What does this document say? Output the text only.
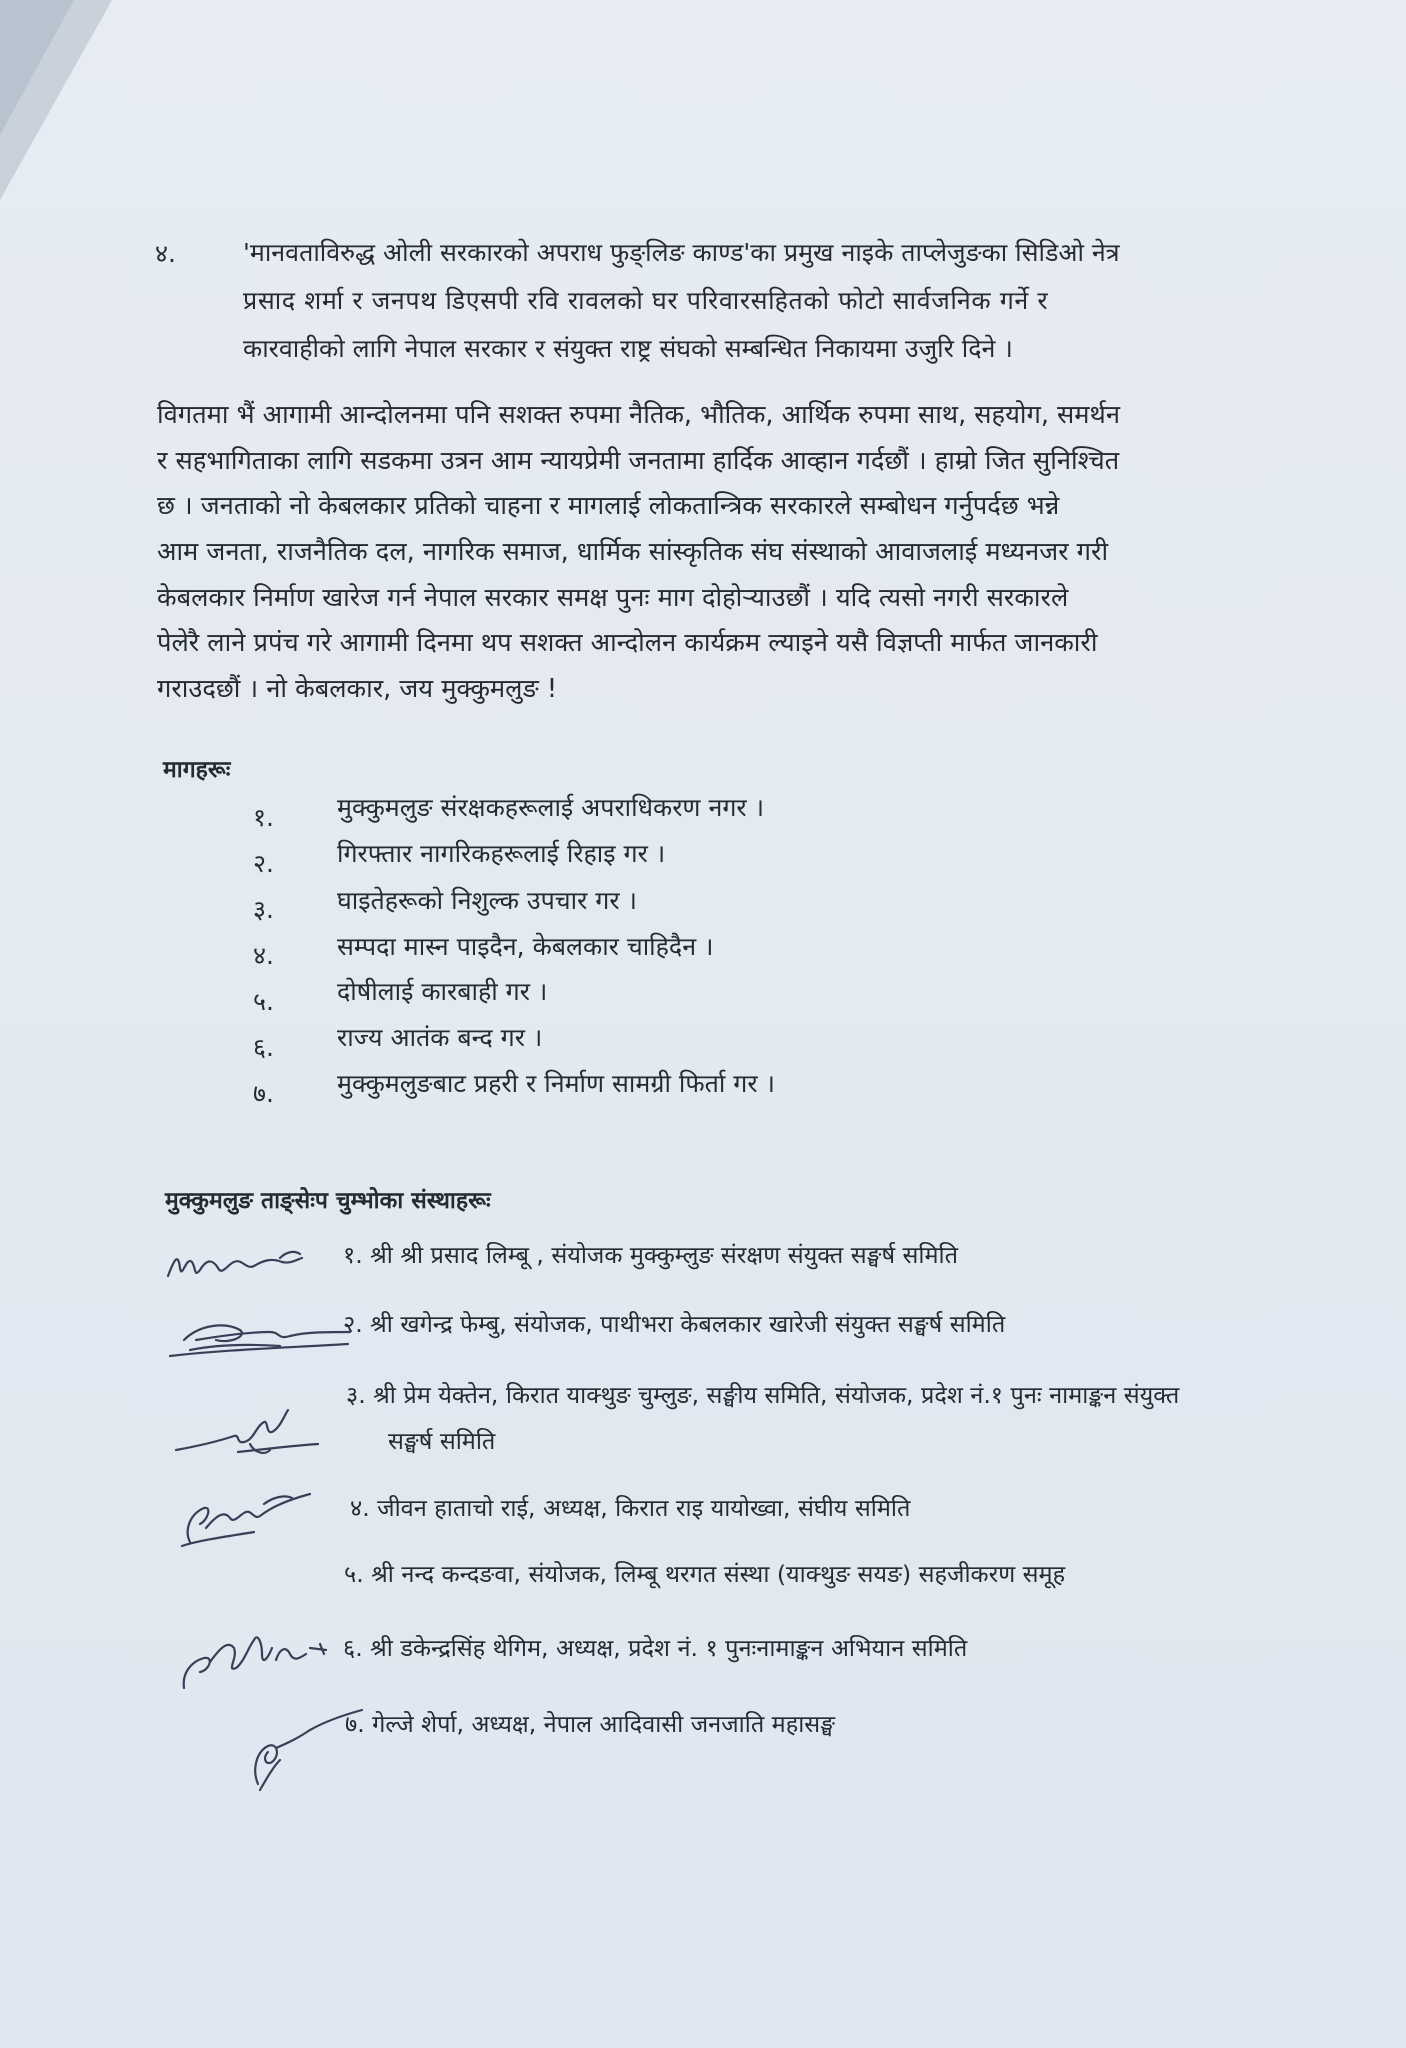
४.	'मानवताविरुद्ध ओली सरकारको अपराध फुङ्लिङ काण्ड'का प्रमुख नाइके ताप्लेजुङका सिडिओ नेत्र
प्रसाद शर्मा र जनपथ डिएसपी रवि रावलको घर परिवारसहितको फोटो सार्वजनिक गर्ने र
कारवाहीको लागि नेपाल सरकार र संयुक्त राष्ट्र संघको सम्बन्धित निकायमा उजुरि दिने ।
विगतमा भैं आगामी आन्दोलनमा पनि सशक्त रुपमा नैतिक, भौतिक, आर्थिक रुपमा साथ, सहयोग, समर्थन
र सहभागिताका लागि सडकमा उत्रन आम न्यायप्रेमी जनतामा हार्दिक आव्हान गर्दछौं । हाम्रो जित सुनिश्चित
छ । जनताको नो केबलकार प्रतिको चाहना र मागलाई लोकतान्त्रिक सरकारले सम्बोधन गर्नुपर्दछ भन्ने
आम जनता, राजनैतिक दल, नागरिक समाज, धार्मिक सांस्कृतिक संघ संस्थाको आवाजलाई मध्यनजर गरी
केबलकार निर्माण खारेज गर्न नेपाल सरकार समक्ष पुनः माग दोहोऱ्याउछौं । यदि त्यसो नगरी सरकारले
पेलेरै लाने प्रपंच गरे आगामी दिनमा थप सशक्त आन्दोलन कार्यक्रम ल्याइने यसै विज्ञप्ती मार्फत जानकारी
गराउदछौं । नो केबलकार, जय मुक्कुमलुङ !
मागहरूः
१.	मुक्कुमलुङ संरक्षकहरूलाई अपराधिकरण नगर ।
२.	गिरफ्तार नागरिकहरूलाई रिहाइ गर ।
३.	घाइतेहरूको निशुल्क उपचार गर ।
४.	सम्पदा मास्न पाइदैन, केबलकार चाहिदैन ।
५.	दोषीलाई कारबाही गर ।
६.	राज्य आतंक बन्द गर ।
७.	मुक्कुमलुङबाट प्रहरी र निर्माण सामग्री फिर्ता गर ।
मुक्कुमलुङ ताङ्सेःप चुम्भोका संस्थाहरूः
१. श्री श्री प्रसाद लिम्बू , संयोजक मुक्कुम्लुङ संरक्षण संयुक्त सङ्घर्ष समिति
२. श्री खगेन्द्र फेम्बु, संयोजक, पाथीभरा केबलकार खारेजी संयुक्त सङ्घर्ष समिति
३. श्री प्रेम येक्तेन, किरात याक्थुङ चुम्लुङ, सङ्घीय समिति, संयोजक, प्रदेश नं.१ पुनः नामाङ्कन संयुक्त
सङ्घर्ष समिति
४. जीवन हाताचो राई, अध्यक्ष, किरात राइ यायोख्वा, संघीय समिति
५. श्री नन्द कन्दङवा, संयोजक, लिम्बू थरगत संस्था (याक्थुङ सयङ) सहजीकरण समूह
६. श्री डकेन्द्रसिंह थेगिम, अध्यक्ष, प्रदेश नं. १ पुनःनामाङ्कन अभियान समिति
७. गेल्जे शेर्पा, अध्यक्ष, नेपाल आदिवासी जनजाति महासङ्घ
